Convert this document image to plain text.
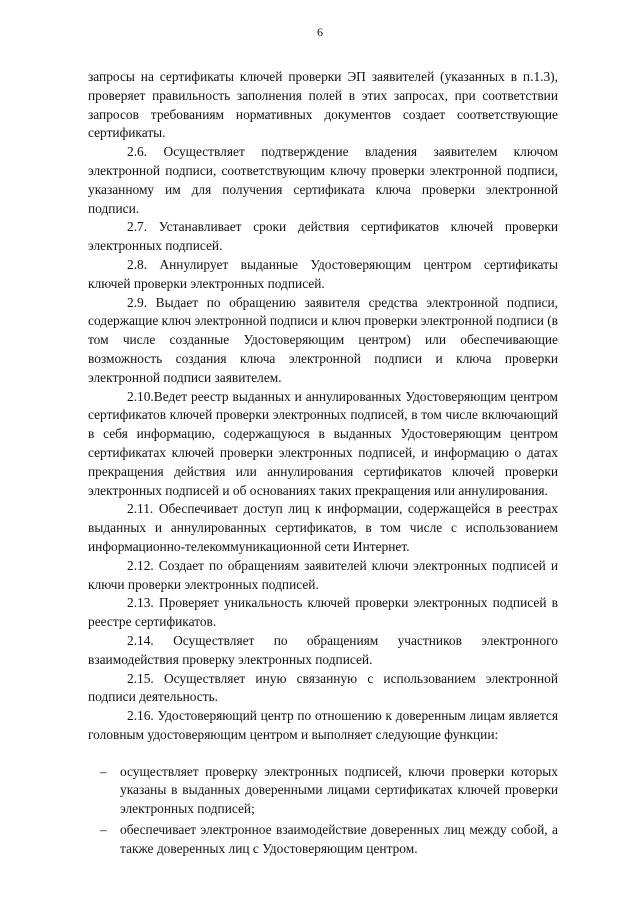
6

запросы на сертификаты ключей проверки ЭП заявителей (указанных в п.1.3), проверяет правильность заполнения полей в этих запросах, при соответствии запросов требованиям нормативных документов создает соответствующие сертификаты.

2.6. Осуществляет подтверждение владения заявителем ключом электронной подписи, соответствующим ключу проверки электронной подписи, указанному им для получения сертификата ключа проверки электронной подписи.

2.7. Устанавливает сроки действия сертификатов ключей проверки электронных подписей.

2.8. Аннулирует выданные Удостоверяющим центром сертификаты ключей проверки электронных подписей.

2.9. Выдает по обращению заявителя средства электронной подписи, содержащие ключ электронной подписи и ключ проверки электронной подписи (в том числе созданные Удостоверяющим центром) или обеспечивающие возможность создания ключа электронной подписи и ключа проверки электронной подписи заявителем.

2.10.Ведет реестр выданных и аннулированных Удостоверяющим центром сертификатов ключей проверки электронных подписей, в том числе включающий в себя информацию, содержащуюся в выданных Удостоверяющим центром сертификатах ключей проверки электронных подписей, и информацию о датах прекращения действия или аннулирования сертификатов ключей проверки электронных подписей и об основаниях таких прекращения или аннулирования.

2.11. Обеспечивает доступ лиц к информации, содержащейся в реестрах выданных и аннулированных сертификатов, в том числе с использованием информационно-телекоммуникационной сети Интернет.

2.12. Создает по обращениям заявителей ключи электронных подписей и ключи проверки электронных подписей.

2.13. Проверяет уникальность ключей проверки электронных подписей в реестре сертификатов.

2.14. Осуществляет по обращениям участников электронного взаимодействия проверку электронных подписей.

2.15. Осуществляет иную связанную с использованием электронной подписи деятельность.

2.16. Удостоверяющий центр по отношению к доверенным лицам является головным удостоверяющим центром и выполняет следующие функции:

– осуществляет проверку электронных подписей, ключи проверки которых указаны в выданных доверенными лицами сертификатах ключей проверки электронных подписей;
– обеспечивает электронное взаимодействие доверенных лиц между собой, а также доверенных лиц с Удостоверяющим центром.
